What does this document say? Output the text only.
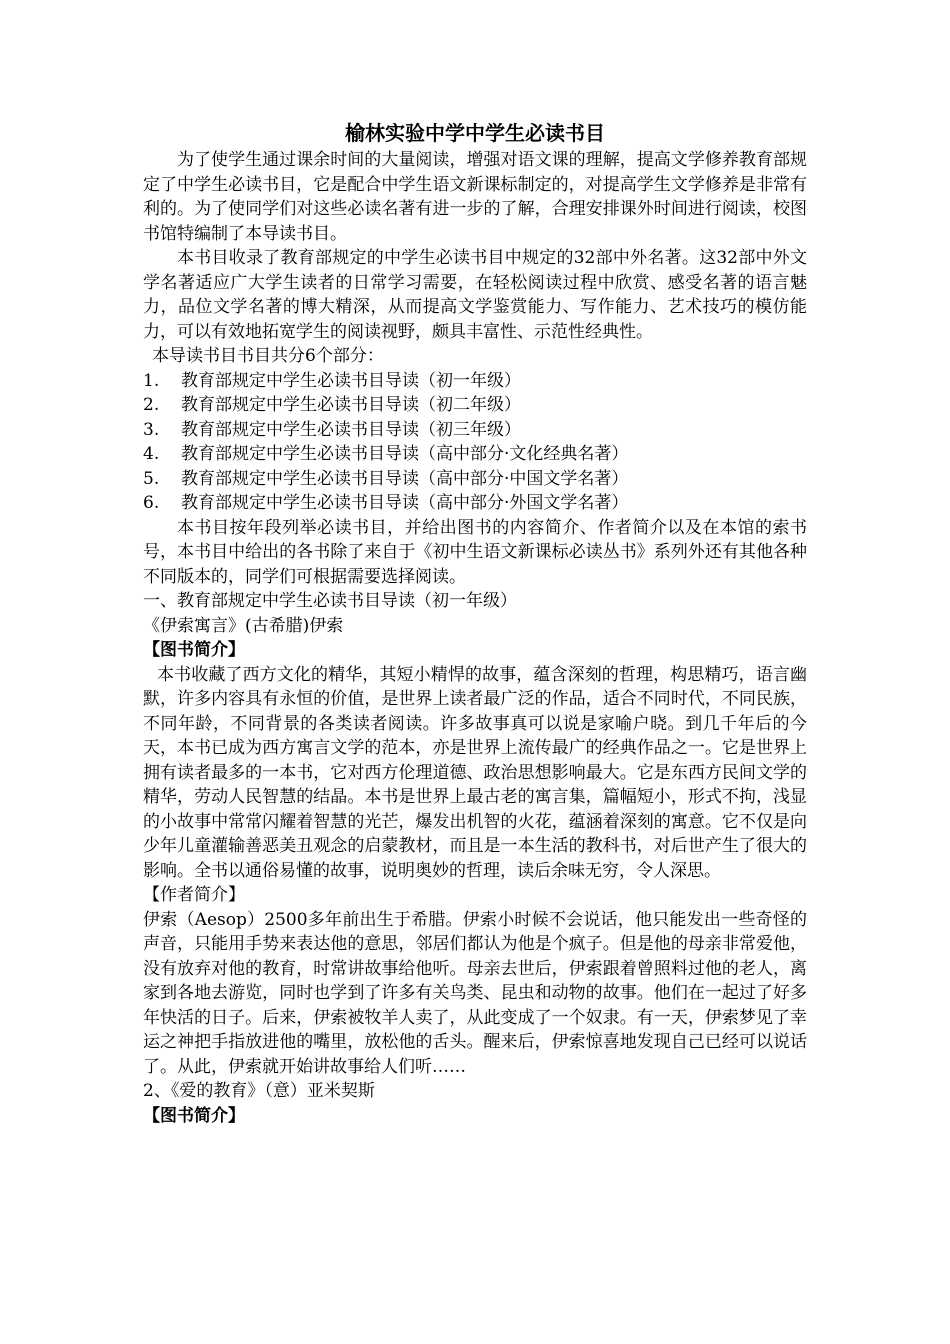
榆林实验中学中学生必读书目

为了使学生通过课余时间的大量阅读，增强对语文课的理解，提高文学修养教育部规定了中学生必读书目，它是配合中学生语文新课标制定的，对提高学生文学修养是非常有利的。为了使同学们对这些必读名著有进一步的了解，合理安排课外时间进行阅读，校图书馆特编制了本导读书目。

本书目收录了教育部规定的中学生必读书目中规定的32部中外名著。这32部中外文学名著适应广大学生读者的日常学习需要，在轻松阅读过程中欣赏、感受名著的语言魅力，品位文学名著的博大精深，从而提高文学鉴赏能力、写作能力、艺术技巧的模仿能力，可以有效地拓宽学生的阅读视野，颇具丰富性、示范性经典性。

本导读书目书目共分6个部分：

1. 教育部规定中学生必读书目导读（初一年级）
2. 教育部规定中学生必读书目导读（初二年级）
3. 教育部规定中学生必读书目导读（初三年级）
4. 教育部规定中学生必读书目导读（高中部分·文化经典名著）
5. 教育部规定中学生必读书目导读（高中部分·中国文学名著）
6. 教育部规定中学生必读书目导读（高中部分·外国文学名著）

本书目按年段列举必读书目，并给出图书的内容简介、作者简介以及在本馆的索书号，本书目中给出的各书除了来自于《初中生语文新课标必读丛书》系列外还有其他各种不同版本的，同学们可根据需要选择阅读。

一、教育部规定中学生必读书目导读（初一年级）

《伊索寓言》(古希腊)伊索

【图书简介】

本书收藏了西方文化的精华，其短小精悍的故事，蕴含深刻的哲理，构思精巧，语言幽默，许多内容具有永恒的价值，是世界上读者最广泛的作品，适合不同时代，不同民族，不同年龄，不同背景的各类读者阅读。许多故事真可以说是家喻户晓。到几千年后的今天，本书已成为西方寓言文学的范本，亦是世界上流传最广的经典作品之一。它是世界上拥有读者最多的一本书，它对西方伦理道德、政治思想影响最大。它是东西方民间文学的精华，劳动人民智慧的结晶。本书是世界上最古老的寓言集，篇幅短小，形式不拘，浅显的小故事中常常闪耀着智慧的光芒，爆发出机智的火花，蕴涵着深刻的寓意。它不仅是向少年儿童灌输善恶美丑观念的启蒙教材，而且是一本生活的教科书，对后世产生了很大的影响。全书以通俗易懂的故事，说明奥妙的哲理，读后余味无穷，令人深思。

【作者简介】

伊索（Aesop）2500多年前出生于希腊。伊索小时候不会说话，他只能发出一些奇怪的声音，只能用手势来表达他的意思，邻居们都认为他是个疯子。但是他的母亲非常爱他，没有放弃对他的教育，时常讲故事给他听。母亲去世后，伊索跟着曾照料过他的老人，离家到各地去游览，同时也学到了许多有关鸟类、昆虫和动物的故事。他们在一起过了好多年快活的日子。后来，伊索被牧羊人卖了，从此变成了一个奴隶。有一天，伊索梦见了幸运之神把手指放进他的嘴里，放松他的舌头。醒来后，伊索惊喜地发现自己已经可以说话了。从此，伊索就开始讲故事给人们听……

2、《爱的教育》（意）亚米契斯

【图书简介】
